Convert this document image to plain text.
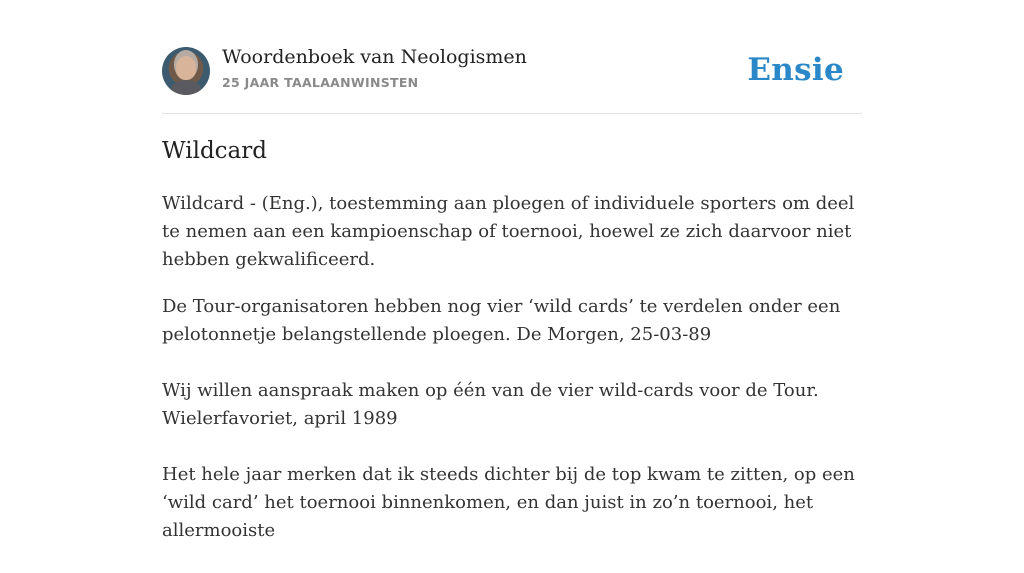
Woordenboek van Neologismen
25 JAAR TAALAANWINSTEN	Ensie
Wildcard

Wildcard - (Eng.), toestemming aan ploegen of individuele sporters om deel te nemen aan een kampioenschap of toernooi, hoewel ze zich daarvoor niet hebben gekwalificeerd.

De Tour-organisatoren hebben nog vier ‘wild cards’ te verdelen onder een pelotonnetje belangstellende ploegen. De Morgen, 25-03-89
Wij willen aanspraak maken op één van de vier wild-cards voor de Tour.
Wielerfavoriet, april 1989
Het hele jaar merken dat ik steeds dichter bij de top kwam te zitten, op een ‘wild card’ het toernooi binnenkomen, en dan juist in zo’n toernooi, het allermooiste
